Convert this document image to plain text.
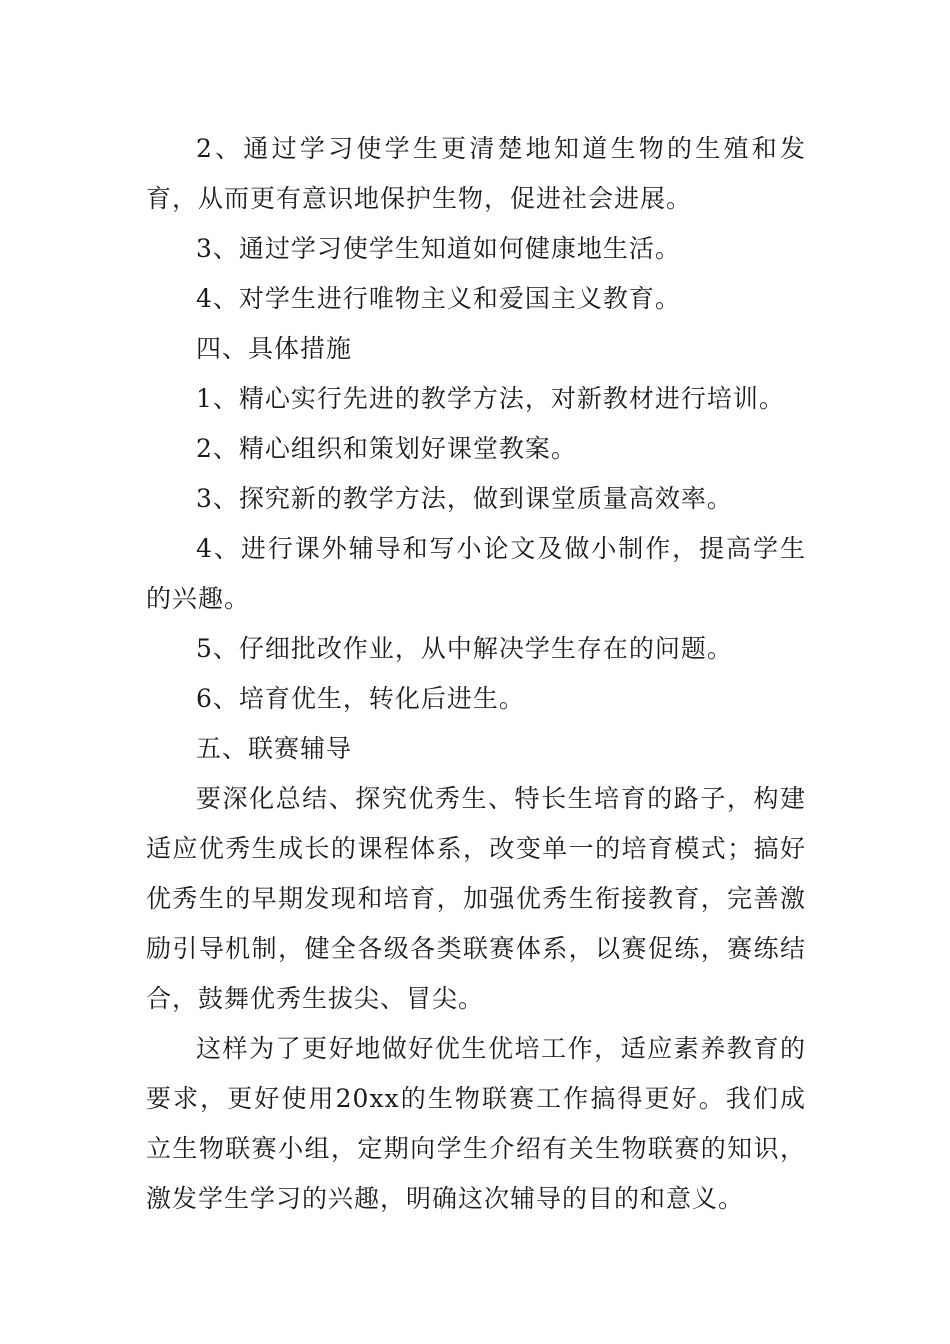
2、通过学习使学生更清楚地知道生物的生殖和发育，从而更有意识地保护生物，促进社会进展。

3、通过学习使学生知道如何健康地生活。

4、对学生进行唯物主义和爱国主义教育。

四、具体措施

1、精心实行先进的教学方法，对新教材进行培训。

2、精心组织和策划好课堂教案。

3、探究新的教学方法，做到课堂质量高效率。

4、进行课外辅导和写小论文及做小制作，提高学生的兴趣。

5、仔细批改作业，从中解决学生存在的问题。

6、培育优生，转化后进生。

五、联赛辅导

要深化总结、探究优秀生、特长生培育的路子，构建适应优秀生成长的课程体系，改变单一的培育模式；搞好优秀生的早期发现和培育，加强优秀生衔接教育，完善激励引导机制，健全各级各类联赛体系，以赛促练，赛练结合，鼓舞优秀生拔尖、冒尖。

这样为了更好地做好优生优培工作，适应素养教育的要求，更好使用20xx的生物联赛工作搞得更好。我们成立生物联赛小组，定期向学生介绍有关生物联赛的知识，激发学生学习的兴趣，明确这次辅导的目的和意义。
